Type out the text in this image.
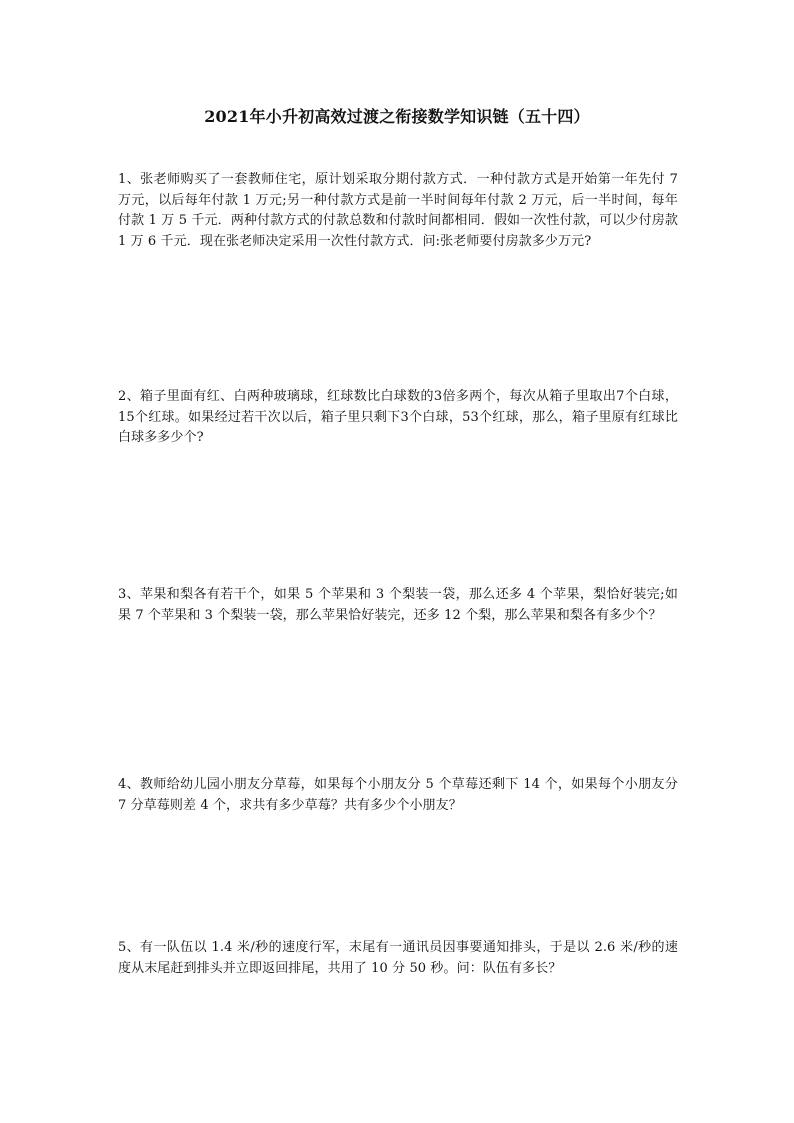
2021年小升初高效过渡之衔接数学知识链（五十四）
1、张老师购买了一套教师住宅，原计划采取分期付款方式．一种付款方式是开始第一年先付 7 万元，以后每年付款 1 万元;另一种付款方式是前一半时间每年付款 2 万元，后一半时间，每年付款 1 万 5 千元．两种付款方式的付款总数和付款时间都相同．假如一次性付款，可以少付房款 1 万 6 千元．现在张老师决定采用一次性付款方式．问:张老师要付房款多少万元?
2、箱子里面有红、白两种玻璃球，红球数比白球数的3倍多两个，每次从箱子里取出7个白球，15个红球。如果经过若干次以后，箱子里只剩下3个白球，53个红球，那么，箱子里原有红球比白球多多少个?
3、苹果和梨各有若干个，如果 5 个苹果和 3 个梨装一袋，那么还多 4 个苹果，梨恰好装完;如果 7 个苹果和 3 个梨装一袋，那么苹果恰好装完，还多 12 个梨，那么苹果和梨各有多少个？
4、教师给幼儿园小朋友分草莓，如果每个小朋友分 5 个草莓还剩下 14 个，如果每个小朋友分 7 分草莓则差 4 个，求共有多少草莓？共有多少个小朋友？
5、有一队伍以 1.4 米/秒的速度行军，末尾有一通讯员因事要通知排头，于是以 2.6 米/秒的速度从末尾赶到排头并立即返回排尾，共用了 10 分 50 秒。问：队伍有多长？
